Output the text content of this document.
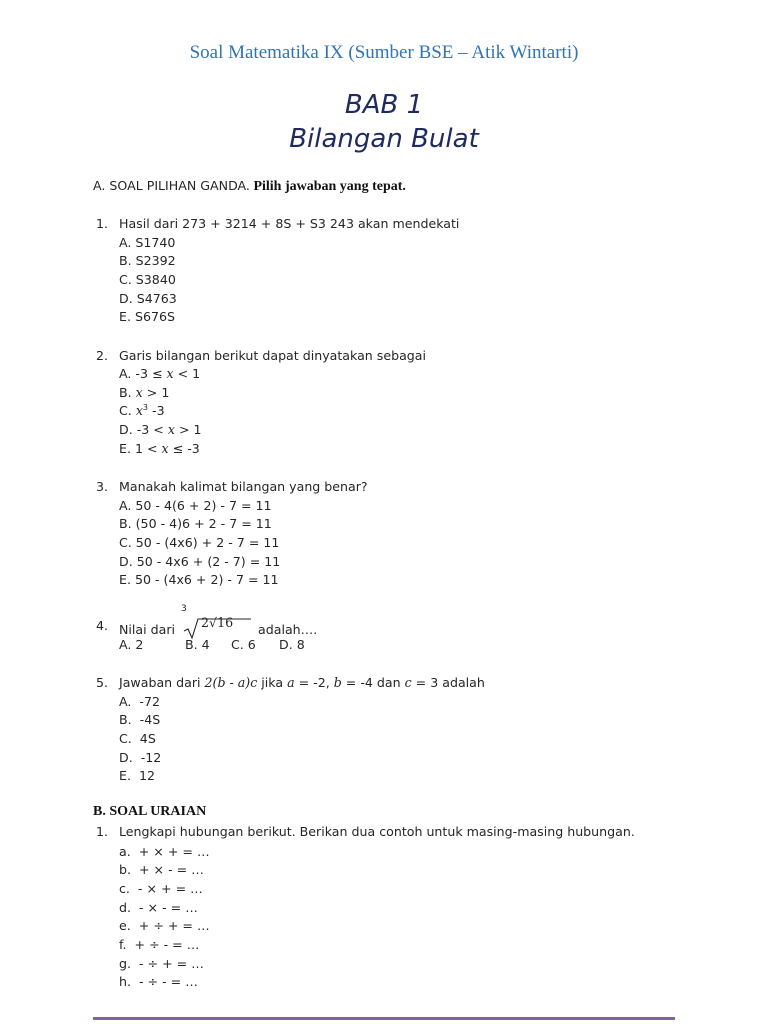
Soal Matematika IX (Sumber BSE – Atik Wintarti)
BAB 1
Bilangan Bulat
A. SOAL PILIHAN GANDA. Pilih jawaban yang tepat.
1. Hasil dari 273 + 3214 + 8S + S3 243 akan mendekati
A. S1740
B. S2392
C. S3840
D. S4763
E. S676S
2. Garis bilangan berikut dapat dinyatakan sebagai
A. -3 ≤ x < 1
B. x > 1
C. $x^3$ -3
D. -3 < x > 1
E. 1 < x ≤ -3
3. Manakah kalimat bilangan yang benar?
A. 50 - 4(6 + 2) - 7 = 11
B. (50 - 4)6 + 2 - 7 = 11
C. 50 - (4x6) + 2 - 7 = 11
D. 50 - 4x6 + (2 - 7) = 11
E. 50 - (4x6 + 2) - 7 = 11
4. Nilai dari
3
2√16 adalah….
A. 2	B. 4 C. 6 D. 8
5. Jawaban dari 2(b - a)c jika a = -2, b = -4 dan c = 3 adalah
A.  -72
B.  -4S
C.  4S
D.  -12
E.  12
B. SOAL URAIAN
1. Lengkapi hubungan berikut. Berikan dua contoh untuk masing-masing hubungan.
a.  + × + = …
b.  + × - = …
c.  - × + = …
d.  - × - = …
e.  + ÷ + = …
f.  + ÷ - = …
g.  - ÷ + = …
h.  - ÷ - = …
